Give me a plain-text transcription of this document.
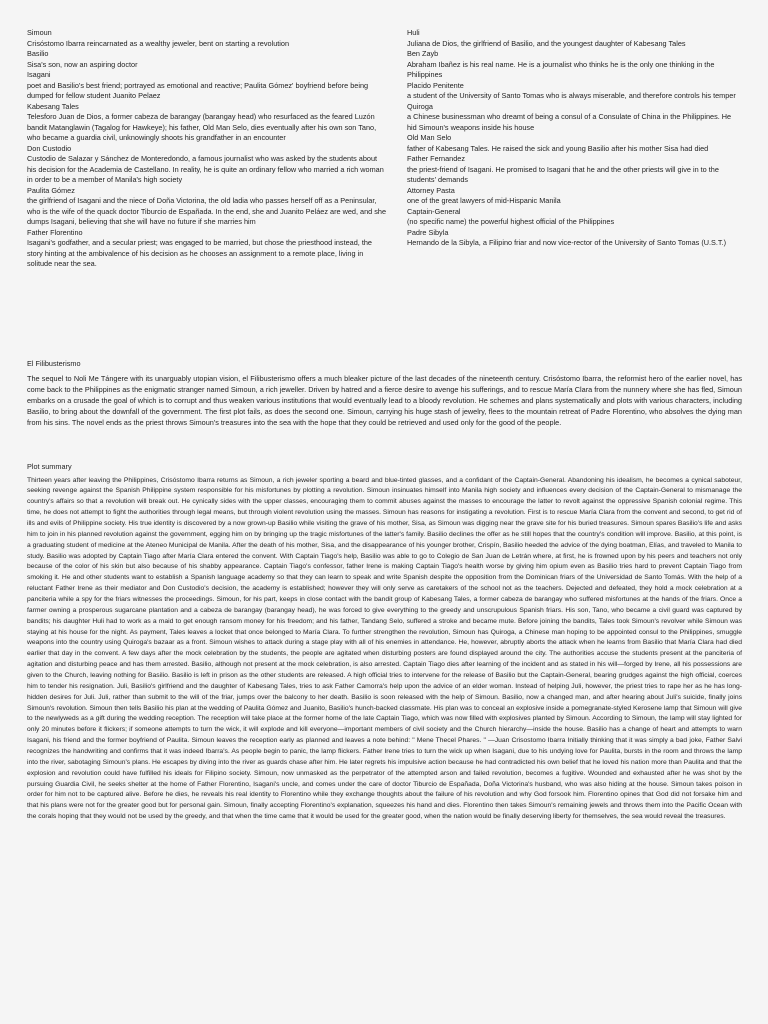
Simoun
Crisóstomo Ibarra reincarnated as a wealthy jeweler, bent on starting a revolution
Basilio
Sisa's son, now an aspiring doctor
Isagani
poet and Basilio's best friend; portrayed as emotional and reactive; Paulita Gómez' boyfriend before being dumped for fellow student Juanito Pelaez
Kabesang Tales
Telesforo Juan de Dios, a former cabeza de barangay (barangay head) who resurfaced as the feared Luzón bandit Matanglawin (Tagalog for Hawkeye); his father, Old Man Selo, dies eventually after his own son Tano, who became a guardia civil, unknowingly shoots his grandfather in an encounter
Don Custodio
Custodio de Salazar y Sánchez de Monteredondo, a famous journalist who was asked by the students about his decision for the Academia de Castellano. In reality, he is quite an ordinary fellow who married a rich woman in order to be a member of Manila's high society
Paulita Gómez
the girlfriend of Isagani and the niece of Doña Victorina, the old ladia who passes herself off as a Peninsular, who is the wife of the quack doctor Tiburcio de Españada. In the end, she and Juanito Peláez are wed, and she dumps Isagani, believing that she will have no future if she marries him
Father Florentino
Isagani's godfather, and a secular priest; was engaged to be married, but chose the priesthood instead, the story hinting at the ambivalence of his decision as he chooses an assignment to a remote place, living in solitude near the sea.
Huli
Juliana de Dios, the girlfriend of Basilio, and the youngest daughter of Kabesang Tales
Ben Zayb
Abraham Ibañez is his real name. He is a journalist who thinks he is the only one thinking in the Philippines
Placido Penitente
a student of the University of Santo Tomas who is always miserable, and therefore controls his temper
Quiroga
a Chinese businessman who dreamt of being a consul of a Consulate of China in the Philippines. He hid Simoun's weapons inside his house
Old Man Selo
father of Kabesang Tales. He raised the sick and young Basilio after his mother Sisa had died
Father Fernandez
the priest-friend of Isagani. He promised to Isagani that he and the other priests will give in to the students' demands
Attorney Pasta
one of the great lawyers of mid-Hispanic Manila
Captain-General
(no specific name) the powerful highest official of the Philippines
Padre Sibyla
Hernando de la Sibyla, a Filipino friar and now vice-rector of the University of Santo Tomas (U.S.T.)
El Filibusterismo
The sequel to Noli Me Tángere with its unarguably utopian vision, el Filibusterismo offers a much bleaker picture of the last decades of the nineteenth century. Crisóstomo Ibarra, the reformist hero of the earlier novel, has come back to the Philippines as the enigmatic stranger named Simoun, a rich jeweller. Driven by hatred and a fierce desire to avenge his sufferings, and to rescue María Clara from the nunnery where she has fled, Simoun embarks on a crusade the goal of which is to corrupt and thus weaken various institutions that would eventually lead to a bloody revolution. He schemes and plans systematically and plots with various characters, including Basilio, to bring about the downfall of the government. The first plot fails, as does the second one. Simoun, carrying his huge stash of jewelry, flees to the mountain retreat of Padre Florentino, who absolves the dying man from his sins. The novel ends as the priest throws Simoun's treasures into the sea with the hope that they could be retrieved and used only for the good of the people.
Plot summary
Thirteen years after leaving the Philippines, Crisóstomo Ibarra returns as Simoun, a rich jeweler sporting a beard and blue-tinted glasses, and a confidant of the Captain-General. Abandoning his idealism, he becomes a cynical saboteur, seeking revenge against the Spanish Philippine system responsible for his misfortunes by plotting a revolution. Simoun insinuates himself into Manila high society and influences every decision of the Captain-General to mismanage the country's affairs so that a revolution will break out. He cynically sides with the upper classes, encouraging them to commit abuses against the masses to encourage the latter to revolt against the oppressive Spanish colonial regime. This time, he does not attempt to fight the authorities through legal means, but through violent revolution using the masses. Simoun has reasons for instigating a revolution. First is to rescue María Clara from the convent and second, to get rid of ills and evils of Philippine society. His true identity is discovered by a now grown-up Basilio while visiting the grave of his mother, Sisa, as Simoun was digging near the grave site for his buried treasures. Simoun spares Basilio's life and asks him to join in his planned revolution against the government, egging him on by bringing up the tragic misfortunes of the latter's family. Basilio declines the offer as he still hopes that the country's condition will improve. Basilio, at this point, is a graduating student of medicine at the Ateneo Municipal de Manila. After the death of his mother, Sisa, and the disappearance of his younger brother, Crispín, Basilio heeded the advice of the dying boatman, Elías, and traveled to Manila to study. Basilio was adopted by Captain Tiago after María Clara entered the convent. With Captain Tiago's help, Basilio was able to go to Colegio de San Juan de Letrán where, at first, he is frowned upon by his peers and teachers not only because of the color of his skin but also because of his shabby appearance. Captain Tiago's confessor, father Irene is making Captain Tiago's health worse by giving him opium even as Basilio tries hard to prevent Captain Tiago from smoking it. He and other students want to establish a Spanish language academy so that they can learn to speak and write Spanish despite the opposition from the Dominican friars of the Universidad de Santo Tomás. With the help of a reluctant Father Irene as their mediator and Don Custodio's decision, the academy is established; however they will only serve as caretakers of the school not as the teachers. Dejected and defeated, they hold a mock celebration at a panciteria while a spy for the friars witnesses the proceedings. Simoun, for his part, keeps in close contact with the bandit group of Kabesang Tales, a former cabeza de barangay who suffered misfortunes at the hands of the friars. Once a farmer owning a prosperous sugarcane plantation and a cabeza de barangay (barangay head), he was forced to give everything to the greedy and unscrupulous Spanish friars. His son, Tano, who became a civil guard was captured by bandits; his daughter Huli had to work as a maid to get enough ransom money for his freedom; and his father, Tandang Selo, suffered a stroke and became mute. Before joining the bandits, Tales took Simoun's revolver while Simoun was staying at his house for the night. As payment, Tales leaves a locket that once belonged to María Clara. To further strengthen the revolution, Simoun has Quiroga, a Chinese man hoping to be appointed consul to the Philippines, smuggle weapons into the country using Quiroga's bazaar as a front. Simoun wishes to attack during a stage play with all of his enemies in attendance. He, however, abruptly aborts the attack when he learns from Basilio that María Clara had died earlier that day in the convent. A few days after the mock celebration by the students, the people are agitated when disturbing posters are found displayed around the city. The authorities accuse the students present at the panciteria of agitation and disturbing peace and has them arrested. Basilio, although not present at the mock celebration, is also arrested. Captain Tiago dies after learning of the incident and as stated in his will—forged by Irene, all his possessions are given to the Church, leaving nothing for Basilio. Basilio is left in prison as the other students are released. A high official tries to intervene for the release of Basilio but the Captain-General, bearing grudges against the high official, coerces him to tender his resignation. Juli, Basilio's girlfriend and the daughter of Kabesang Tales, tries to ask Father Camorra's help upon the advice of an elder woman. Instead of helping Juli, however, the priest tries to rape her as he has long-hidden desires for Juli. Juli, rather than submit to the will of the friar, jumps over the balcony to her death. Basilio is soon released with the help of Simoun. Basilio, now a changed man, and after hearing about Juli's suicide, finally joins Simoun's revolution. Simoun then tells Basilio his plan at the wedding of Paulita Gómez and Juanito, Basilio's hunch-backed classmate. His plan was to conceal an explosive inside a pomegranate-styled Kerosene lamp that Simoun will give to the newlyweds as a gift during the wedding reception. The reception will take place at the former home of the late Captain Tiago, which was now filled with explosives planted by Simoun. According to Simoun, the lamp will stay lighted for only 20 minutes before it flickers; if someone attempts to turn the wick, it will explode and kill everyone—important members of civil society and the Church hierarchy—inside the house. Basilio has a change of heart and attempts to warn Isagani, his friend and the former boyfriend of Paulita. Simoun leaves the reception early as planned and leaves a note behind: " Mene Thecel Phares. " —Juan Crisostomo Ibarra Initially thinking that it was simply a bad joke, Father Salvi recognizes the handwriting and confirms that it was indeed Ibarra's. As people begin to panic, the lamp flickers. Father Irene tries to turn the wick up when Isagani, due to his undying love for Paulita, bursts in the room and throws the lamp into the river, sabotaging Simoun's plans. He escapes by diving into the river as guards chase after him. He later regrets his impulsive action because he had contradicted his own belief that he loved his nation more than Paulita and that the explosion and revolution could have fulfilled his ideals for Filipino society. Simoun, now unmasked as the perpetrator of the attempted arson and failed revolution, becomes a fugitive. Wounded and exhausted after he was shot by the pursuing Guardia Civil, he seeks shelter at the home of Father Florentino, Isagani's uncle, and comes under the care of doctor Tiburcio de Españada, Doña Victorina's husband, who was also hiding at the house. Simoun takes poison in order for him not to be captured alive. Before he dies, he reveals his real identity to Florentino while they exchange thoughts about the failure of his revolution and why God forsook him. Florentino opines that God did not forsake him and that his plans were not for the greater good but for personal gain. Simoun, finally accepting Florentino's explanation, squeezes his hand and dies. Florentino then takes Simoun's remaining jewels and throws them into the Pacific Ocean with the corals hoping that they would not be used by the greedy, and that when the time came that it would be used for the greater good, when the nation would be finally deserving liberty for themselves, the sea would reveal the treasures.
